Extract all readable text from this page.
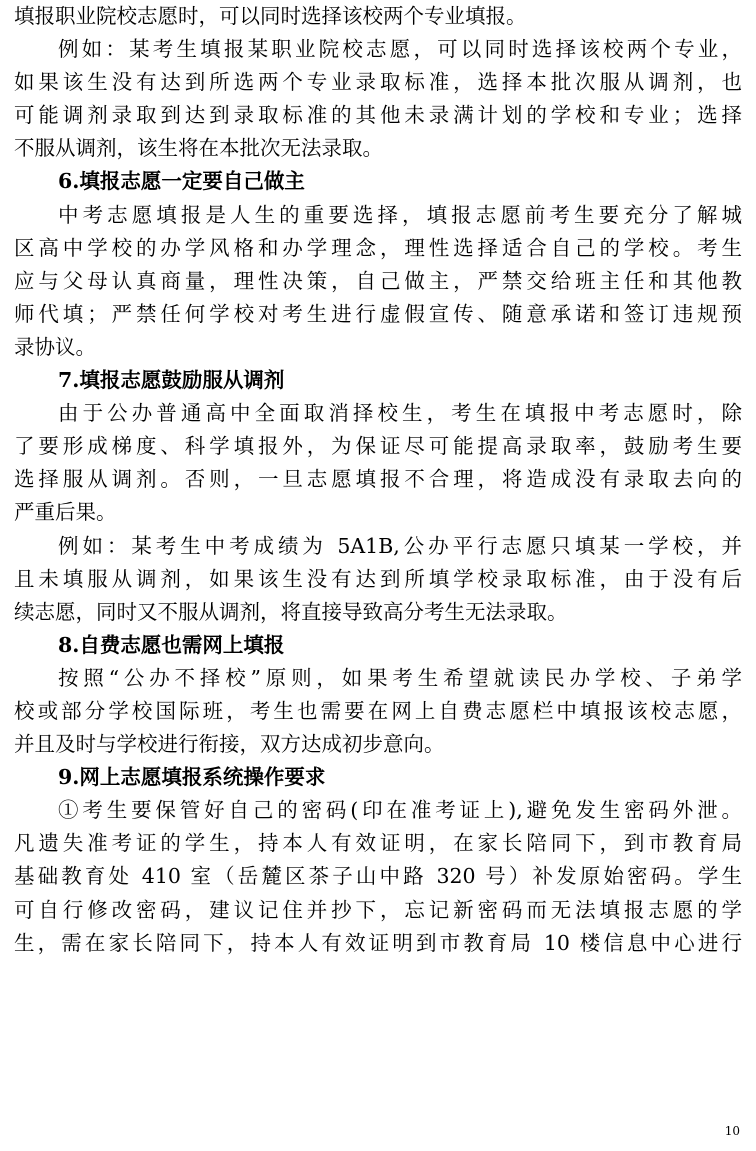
填报职业院校志愿时，可以同时选择该校两个专业填报。

例如：某考生填报某职业院校志愿，可以同时选择该校两个专业，

如果该生没有达到所选两个专业录取标准，选择本批次服从调剂，也

可能调剂录取到达到录取标准的其他未录满计划的学校和专业；选择

不服从调剂，该生将在本批次无法录取。

6.填报志愿一定要自己做主

中考志愿填报是人生的重要选择，填报志愿前考生要充分了解城

区高中学校的办学风格和办学理念，理性选择适合自己的学校。考生

应与父母认真商量，理性决策，自己做主，严禁交给班主任和其他教

师代填；严禁任何学校对考生进行虚假宣传、随意承诺和签订违规预

录协议。

7.填报志愿鼓励服从调剂

由于公办普通高中全面取消择校生，考生在填报中考志愿时，除

了要形成梯度、科学填报外，为保证尽可能提高录取率，鼓励考生要

选择服从调剂。否则，一旦志愿填报不合理，将造成没有录取去向的

严重后果。

例如：某考生中考成绩为 5A1B,公办平行志愿只填某一学校，并

且未填服从调剂，如果该生没有达到所填学校录取标准，由于没有后

续志愿，同时又不服从调剂，将直接导致高分考生无法录取。

8.自费志愿也需网上填报

按照“公办不择校”原则，如果考生希望就读民办学校、子弟学

校或部分学校国际班，考生也需要在网上自费志愿栏中填报该校志愿，

并且及时与学校进行衔接，双方达成初步意向。

9.网上志愿填报系统操作要求

①考生要保管好自己的密码(印在准考证上),避免发生密码外泄。

凡遗失准考证的学生，持本人有效证明，在家长陪同下，到市教育局

基础教育处 410 室（岳麓区茶子山中路 320 号）补发原始密码。学生

可自行修改密码，建议记住并抄下，忘记新密码而无法填报志愿的学

生，需在家长陪同下，持本人有效证明到市教育局 10 楼信息中心进行

10
